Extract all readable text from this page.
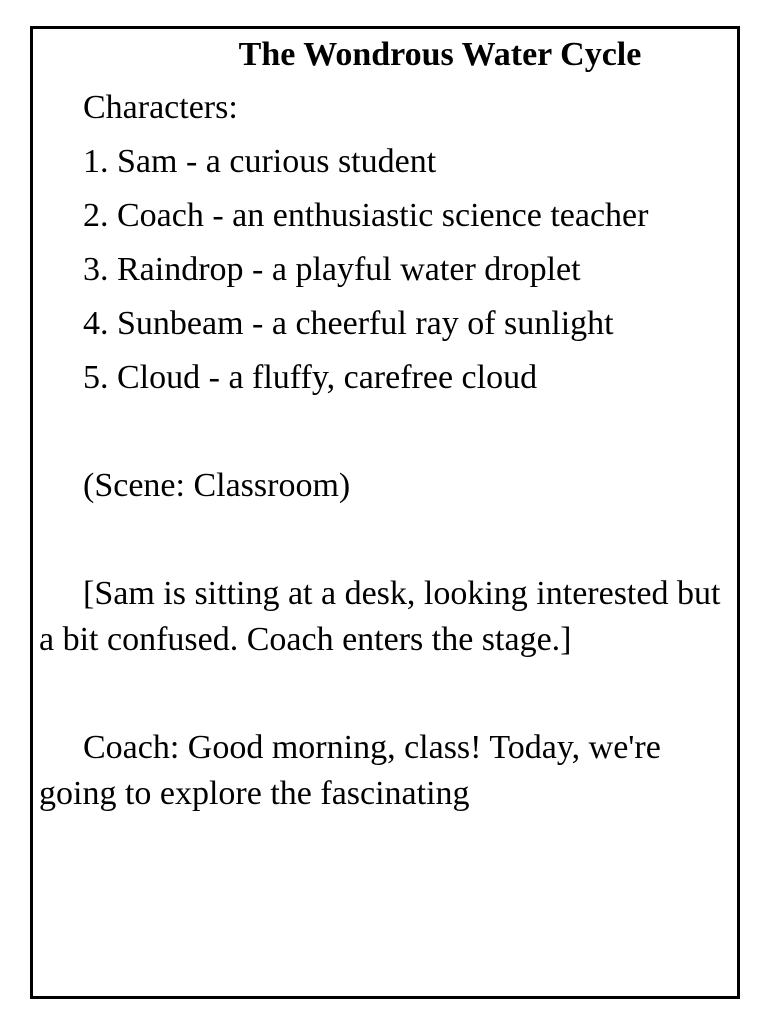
The Wondrous Water Cycle
Characters:
1. Sam - a curious student
2. Coach - an enthusiastic science teacher
3. Raindrop - a playful water droplet
4. Sunbeam - a cheerful ray of sunlight
5. Cloud - a fluffy, carefree cloud
(Scene: Classroom)
[Sam is sitting at a desk, looking interested but a bit confused. Coach enters the stage.]
Coach: Good morning, class! Today, we're going to explore the fascinating
